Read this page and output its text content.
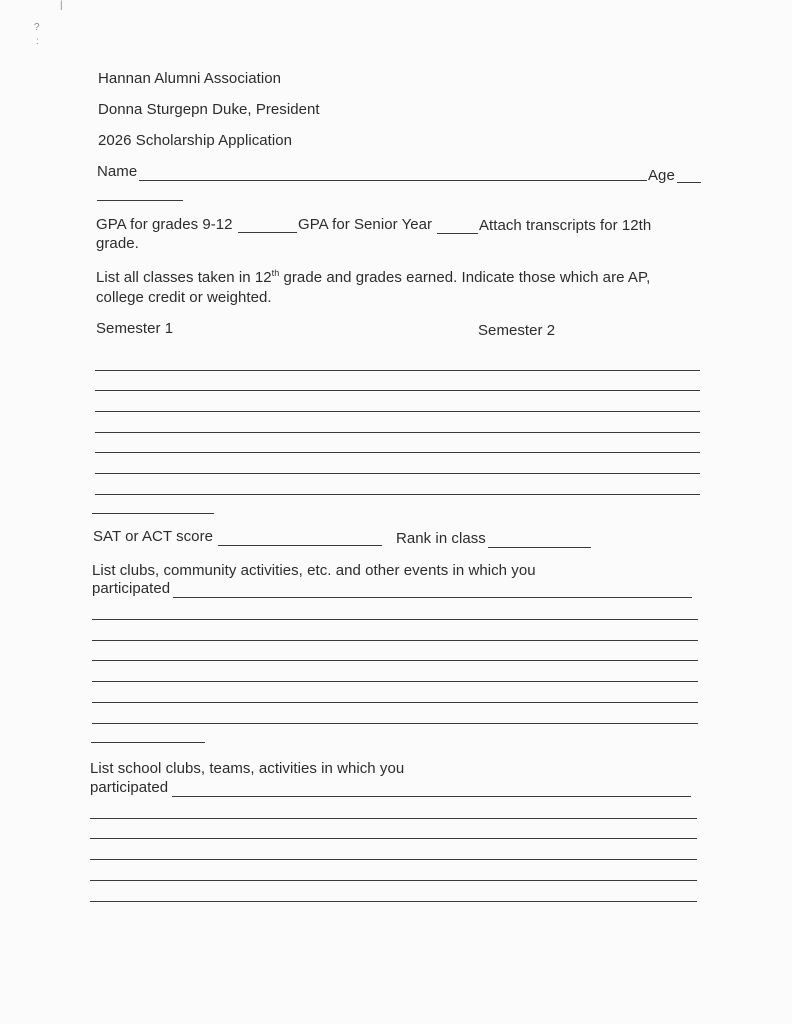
?
:
|
Hannan Alumni Association
Donna Sturgepn Duke, President
2026 Scholarship Application
Name	Age
GPA for grades 9-12	GPA for Senior Year	Attach transcripts for 12th
grade.
List all classes taken in 12th grade and grades earned. Indicate those which are AP,
college credit or weighted.
Semester 1	Semester 2
SAT or ACT score	Rank in class
List clubs, community activities, etc. and other events in which you
participated
List school clubs, teams, activities in which you
participated
